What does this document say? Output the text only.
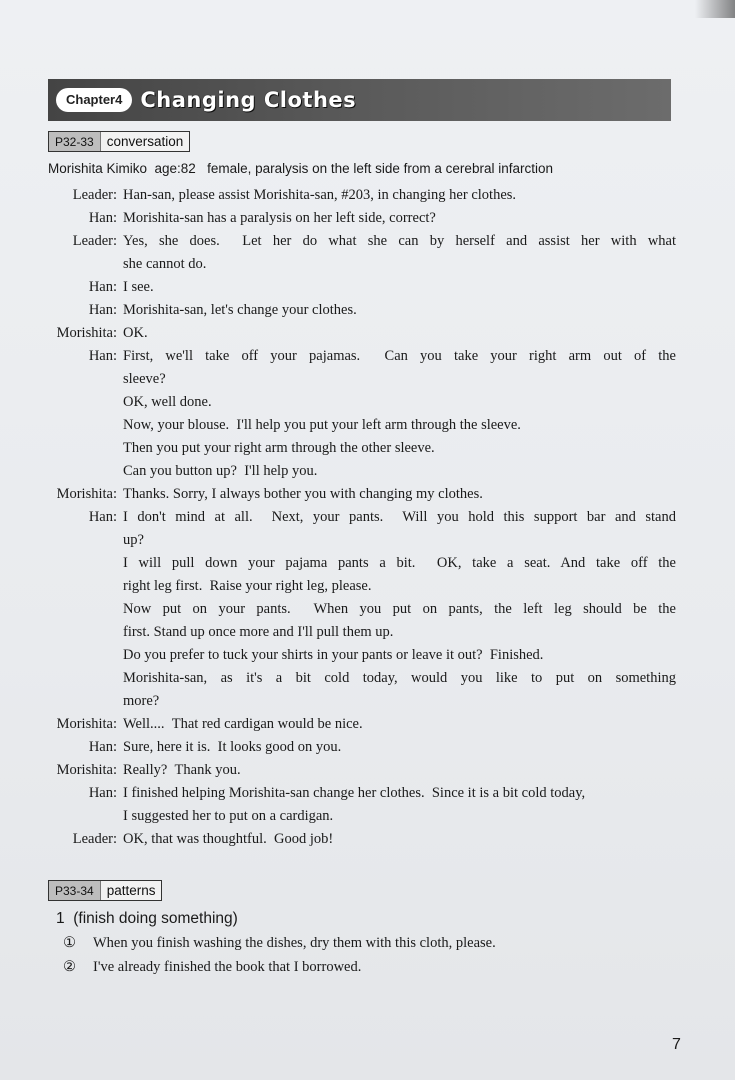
Chapter4 Changing Clothes
P32-33 conversation
Morishita Kimiko  age:82   female, paralysis on the left side from a cerebral infarction
Leader: Han-san, please assist Morishita-san, #203, in changing her clothes.
Han: Morishita-san has a paralysis on her left side, correct?
Leader: Yes, she does.  Let her do what she can by herself and assist her with what
she cannot do.
Han: I see.
Han: Morishita-san, let's change your clothes.
Morishita: OK.
Han: First, we'll take off your pajamas.  Can you take your right arm out of the
sleeve?
OK, well done.
Now, your blouse.  I'll help you put your left arm through the sleeve.
Then you put your right arm through the other sleeve.
Can you button up?  I'll help you.
Morishita: Thanks. Sorry, I always bother you with changing my clothes.
Han: I don't mind at all.  Next, your pants.  Will you hold this support bar and stand
up?
I will pull down your pajama pants a bit.  OK, take a seat. And take off the
right leg first.  Raise your right leg, please.
Now put on your pants.  When you put on pants, the left leg should be the
first. Stand up once more and I'll pull them up.
Do you prefer to tuck your shirts in your pants or leave it out?  Finished.
Morishita-san, as it's a bit cold today, would you like to put on something
more?
Morishita: Well....  That red cardigan would be nice.
Han: Sure, here it is.  It looks good on you.
Morishita: Really?  Thank you.
Han: I finished helping Morishita-san change her clothes.  Since it is a bit cold today,
I suggested her to put on a cardigan.
Leader: OK, that was thoughtful.  Good job!
P33-34 patterns
1  (finish doing something)
①	When you finish washing the dishes, dry them with this cloth, please.
②	I've already finished the book that I borrowed.
7
